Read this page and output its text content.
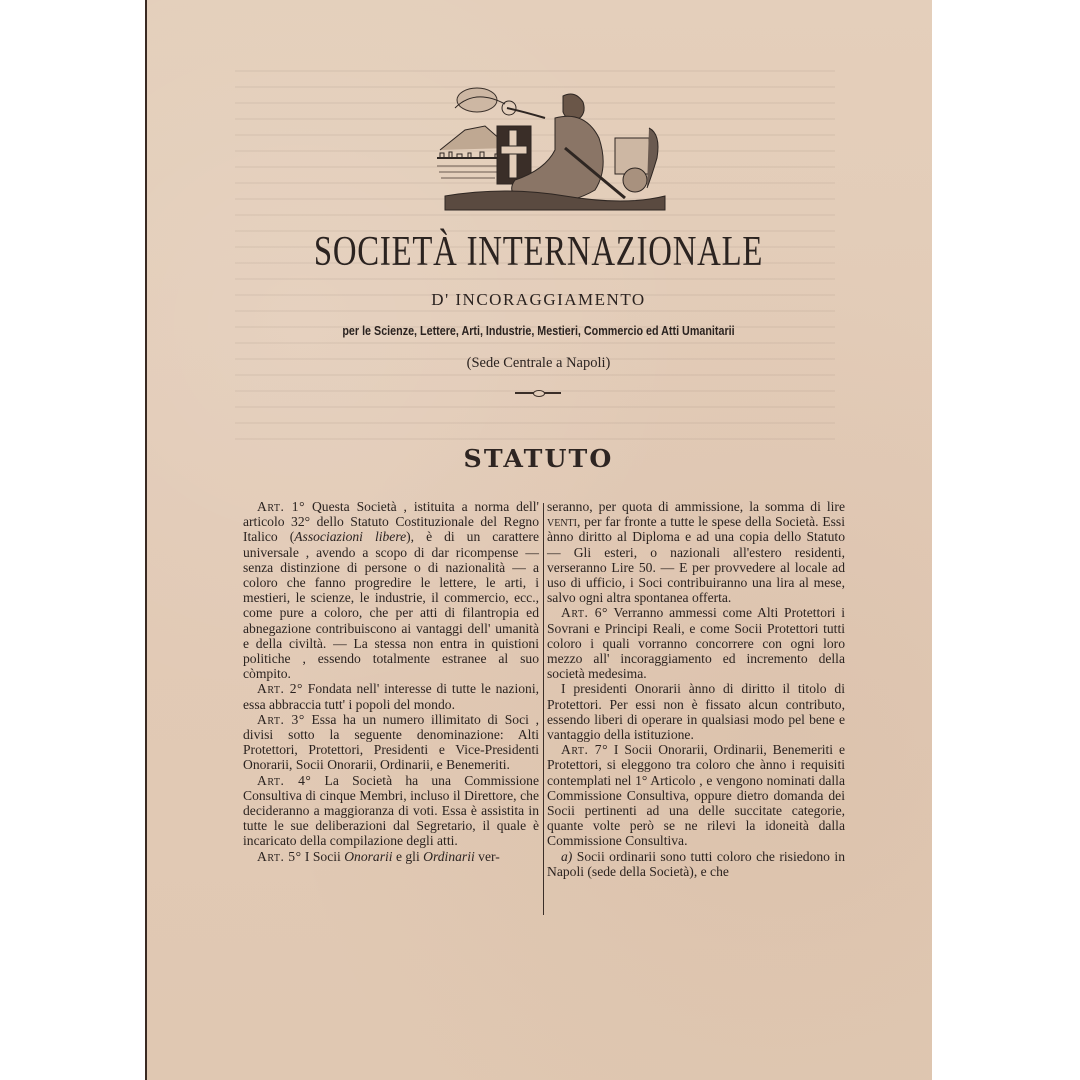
SOCIETÀ INTERNAZIONALE
D' INCORAGGIAMENTO
per le Scienze, Lettere, Arti, Industrie, Mestieri, Commercio ed Atti Umanitarii
(Sede Centrale a Napoli)
STATUTO

Art. 1° Questa Società , istituita a norma dell' articolo 32° dello Statuto Costituzionale del Regno Italico (Associazioni libere), è di un carattere universale , avendo a scopo di dar ricompense — senza distinzione di persone o di nazionalità — a coloro che fanno progredire le lettere, le arti, i mestieri, le scienze, le industrie, il commercio, ecc., come pure a coloro, che per atti di filantropia ed abnegazione contribuiscono ai vantaggi dell' umanità e della civiltà. — La stessa non entra in quistioni politiche , essendo totalmente estranee al suo còmpito.

Art. 2° Fondata nell' interesse di tutte le nazioni, essa abbraccia tutt' i popoli del mondo.

Art. 3° Essa ha un numero illimitato di Soci , divisi sotto la seguente denominazione: Alti Protettori, Protettori, Presidenti e Vice-Presidenti Onorarii, Socii Onorarii, Ordinarii, e Benemeriti.

Art. 4° La Società ha una Commissione Consultiva di cinque Membri, incluso il Direttore, che decideranno a maggioranza di voti. Essa è assistita in tutte le sue deliberazioni dal Segretario, il quale è incaricato della compilazione degli atti.

Art. 5° I Socii Onorarii e gli Ordinarii ver-

seranno, per quota di ammissione, la somma di lire venti, per far fronte a tutte le spese della Società. Essi ànno diritto al Diploma e ad una copia dello Statuto — Gli esteri, o nazionali all'estero residenti, verseranno Lire 50. — E per provvedere al locale ad uso di ufficio, i Soci contribuiranno una lira al mese, salvo ogni altra spontanea offerta.

Art. 6° Verranno ammessi come Alti Protettori i Sovrani e Principi Reali, e come Socii Protettori tutti coloro i quali vorranno concorrere con ogni loro mezzo all' incoraggiamento ed incremento della società medesima.

I presidenti Onorarii ànno di diritto il titolo di Protettori. Per essi non è fissato alcun contributo, essendo liberi di operare in qualsiasi modo pel bene e vantaggio della istituzione.

Art. 7° I Socii Onorarii, Ordinarii, Benemeriti e Protettori, si eleggono tra coloro che ànno i requisiti contemplati nel 1° Articolo , e vengono nominati dalla Commissione Consultiva, oppure dietro domanda dei Socii pertinenti ad una delle succitate categorie, quante volte però se ne rilevi la idoneità dalla Commissione Consultiva.

a) Socii ordinarii sono tutti coloro che risiedono in Napoli (sede della Società), e che
